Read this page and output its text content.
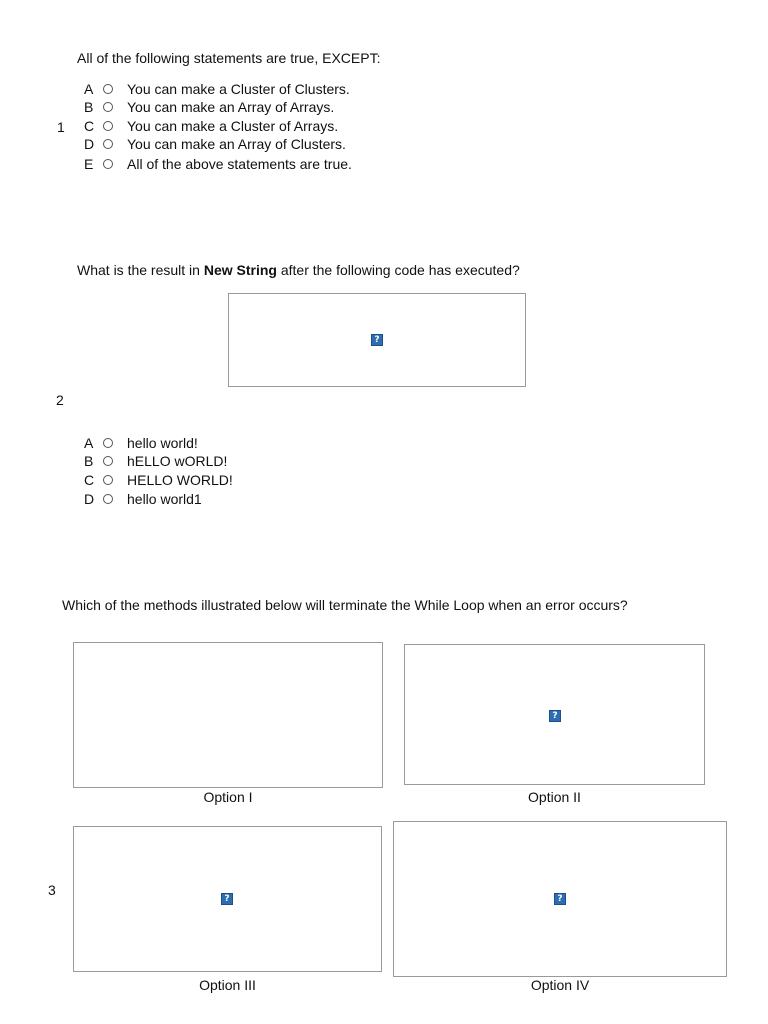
All of the following statements are true, EXCEPT:
1
A You can make a Cluster of Clusters.
B You can make an Array of Arrays.
C You can make a Cluster of Arrays.
D You can make an Array of Clusters.
E All of the above statements are true.
What is the result in New String after the following code has executed?
?
2
A hello world!
B hELLO wORLD!
C HELLO WORLD!
D hello world1
Which of the methods illustrated below will terminate the While Loop when an error occurs?
Option I
?
Option II
3
?
Option III
?
Option IV
